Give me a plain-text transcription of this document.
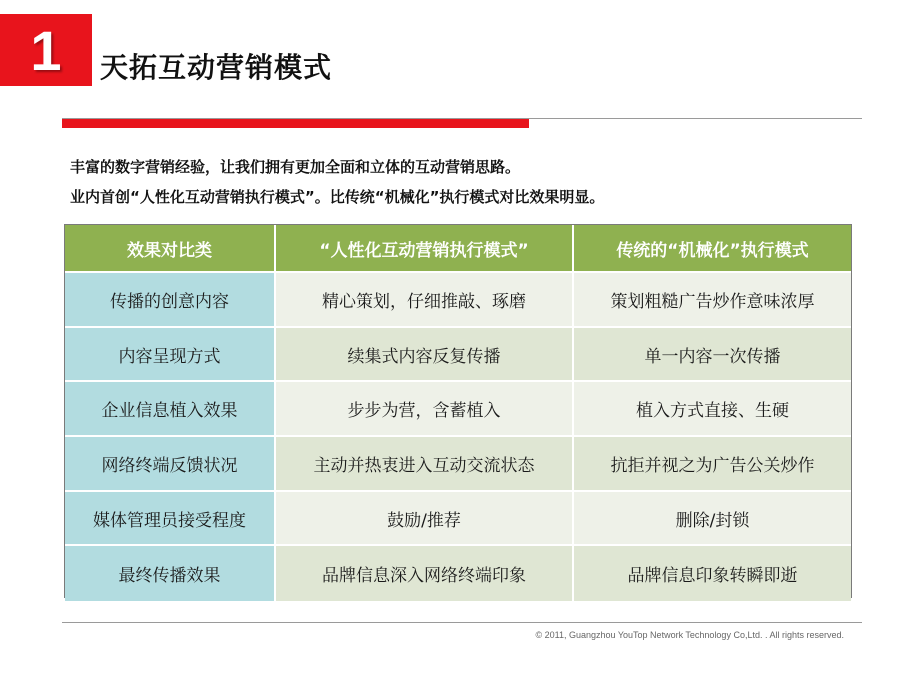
1 天拓互动营销模式
丰富的数字营销经验，让我们拥有更加全面和立体的互动营销思路。
业内首创“人性化互动营销执行模式”。比传统“机械化”执行模式对比效果明显。
效果对比类	“人性化互动营销执行模式”	传统的“机械化”执行模式
传播的创意内容	精心策划，仔细推敲、琢磨	策划粗糙广告炒作意味浓厚
内容呈现方式	续集式内容反复传播	单一内容一次传播
企业信息植入效果	步步为营，含蓄植入	植入方式直接、生硬
网络终端反馈状况	主动并热衷进入互动交流状态	抗拒并视之为广告公关炒作
媒体管理员接受程度	鼓励/推荐	删除/封锁
最终传播效果	品牌信息深入网络终端印象	品牌信息印象转瞬即逝
© 2011, Guangzhou YouTop Network Technology Co,Ltd. . All rights reserved.
